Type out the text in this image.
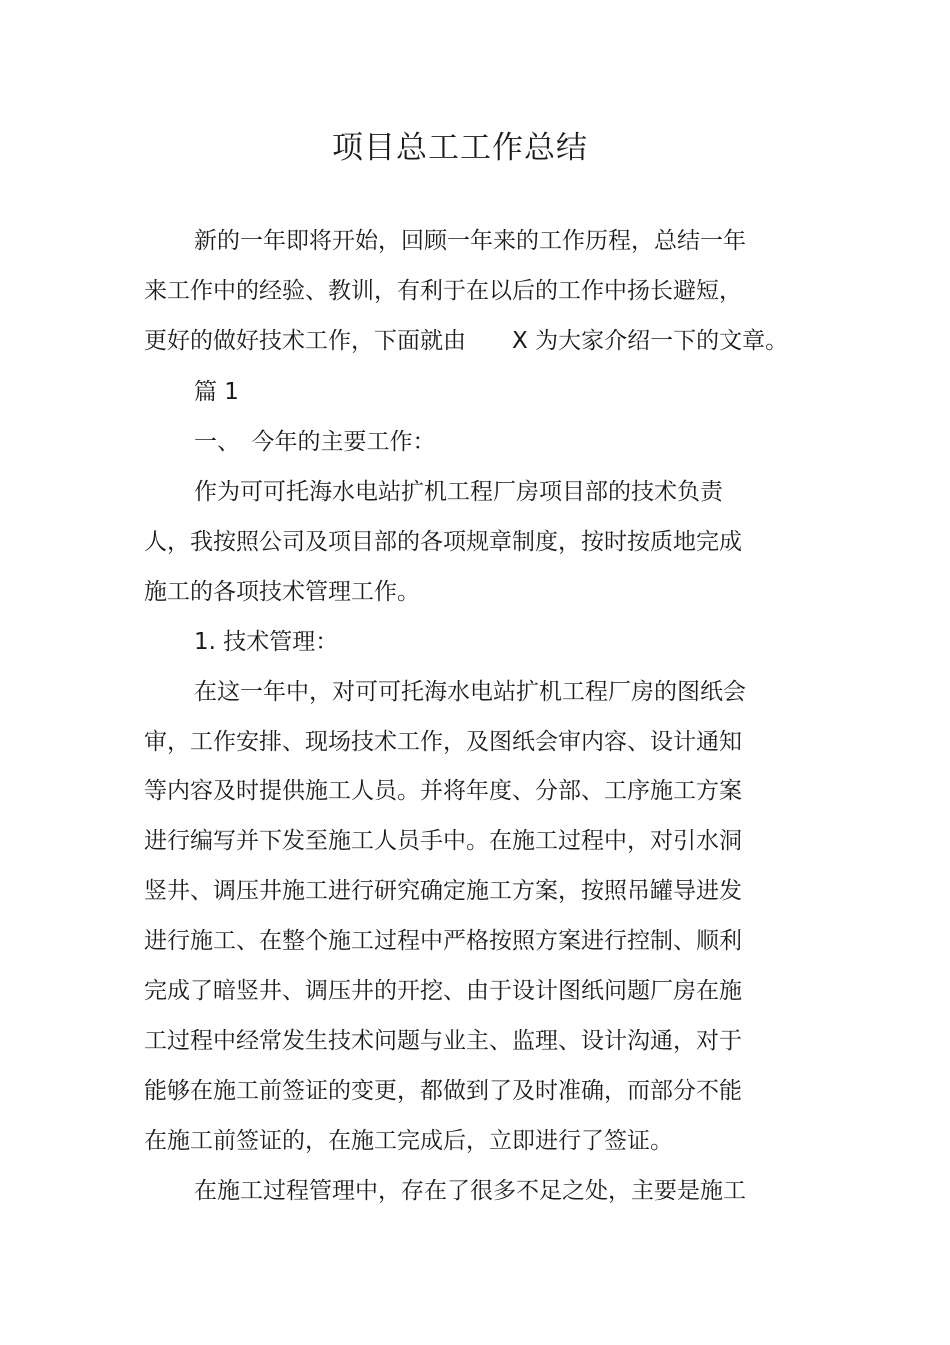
项目总工工作总结
新的一年即将开始，回顾一年来的工作历程，总结一年
来工作中的经验、教训，有利于在以后的工作中扬长避短，
更好的做好技术工作，下面就由　　X 为大家介绍一下的文章。
篇 1
一、　今年的主要工作：
作为可可托海水电站扩机工程厂房项目部的技术负责
人，我按照公司及项目部的各项规章制度，按时按质地完成
施工的各项技术管理工作。
1. 技术管理：
在这一年中，对可可托海水电站扩机工程厂房的图纸会
审，工作安排、现场技术工作，及图纸会审内容、设计通知
等内容及时提供施工人员。并将年度、分部、工序施工方案
进行编写并下发至施工人员手中。在施工过程中，对引水洞
竖井、调压井施工进行研究确定施工方案，按照吊罐导进发
进行施工、在整个施工过程中严格按照方案进行控制、顺利
完成了暗竖井、调压井的开挖、由于设计图纸问题厂房在施
工过程中经常发生技术问题与业主、监理、设计沟通，对于
能够在施工前签证的变更，都做到了及时准确，而部分不能
在施工前签证的，在施工完成后，立即进行了签证。
在施工过程管理中，存在了很多不足之处，主要是施工
